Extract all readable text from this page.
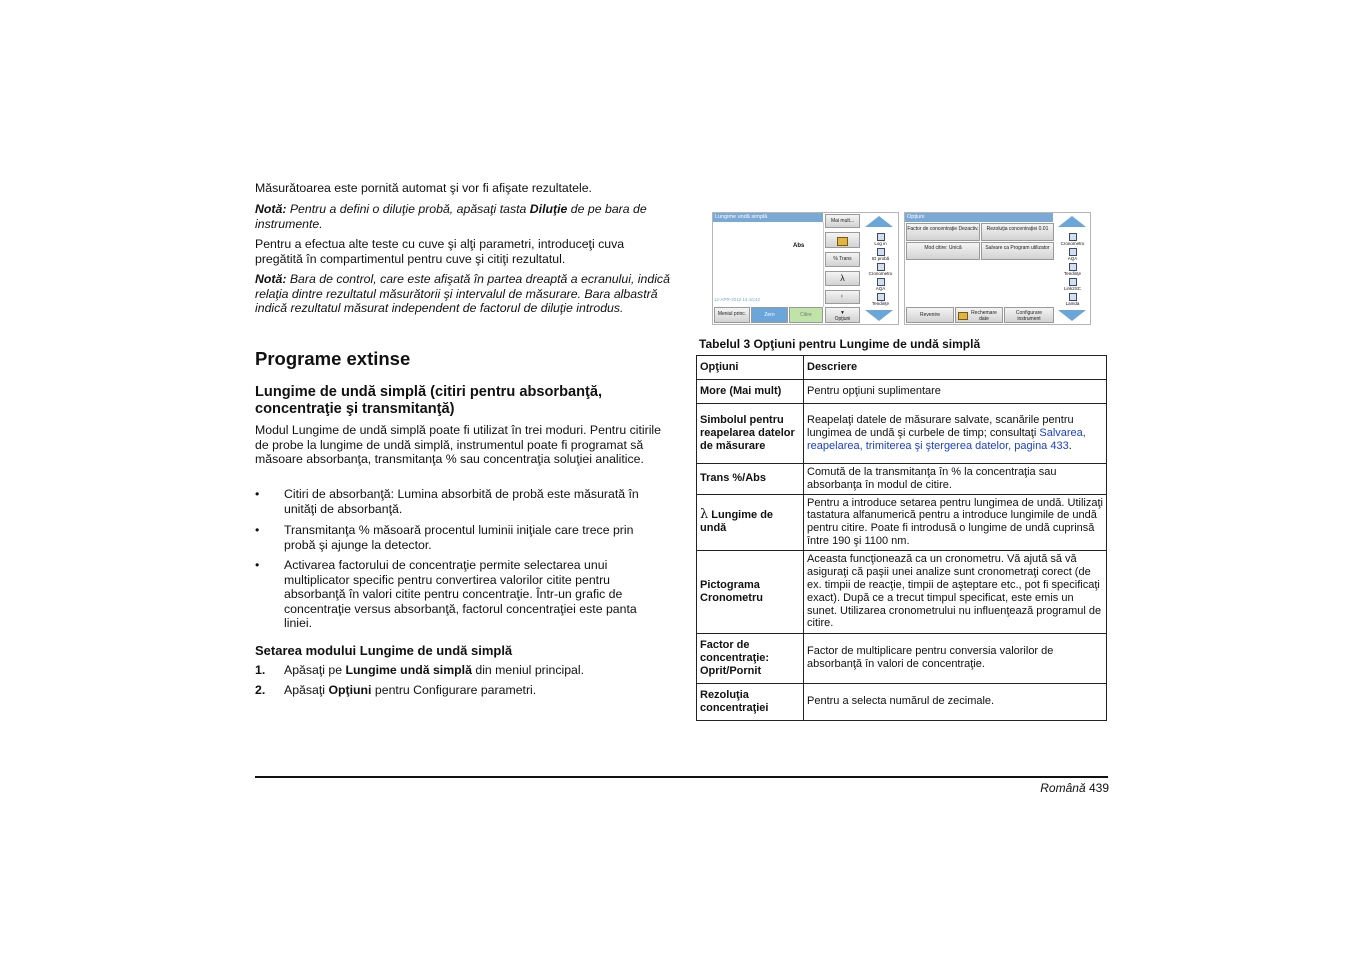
Măsurătoarea este pornită automat şi vor fi afişate rezultatele.

Notă: Pentru a defini o diluţie probă, apăsaţi tasta Diluţie de pe bara de instrumente.

Pentru a efectua alte teste cu cuve şi alţi parametri, introduceţi cuva pregătită în compartimentul pentru cuve şi citiţi rezultatul.

Notă: Bara de control, care este afişată în partea dreaptă a ecranului, indică relaţia dintre rezultatul măsurătorii şi intervalul de măsurare. Bara albastră indică rezultatul măsurat independent de factorul de diluţie introdus.

Programe extinse
Lungime de undă simplă (citiri pentru absorbanţă, concentraţie şi transmitanţă)

Modul Lungime de undă simplă poate fi utilizat în trei moduri. Pentru citirile de probe la lungime de undă simplă, instrumentul poate fi programat să măsoare absorbanţa, transmitanţa % sau concentraţia soluţiei analitice.

• Citiri de absorbanţă: Lumina absorbită de probă este măsurată în unităţi de absorbanţă.
• Transmitanţa % măsoară procentul luminii iniţiale care trece prin probă şi ajunge la detector.
• Activarea factorului de concentraţie permite selectarea unui multiplicator specific pentru convertirea valorilor citite pentru absorbanţă în valori citite pentru concentraţie. Într-un grafic de concentraţie versus absorbanţă, factorul concentraţiei este panta liniei.
Setarea modului Lungime de undă simplă
1. Apăsaţi pe Lungime undă simplă din meniul principal.
2. Apăsaţi Opţiuni pentru Configurare parametri.
Lungime undă simplă
Abs
12-APR-2012 14:10:42
Mai mult...
% Trans
λ
◐
▼
Opţiuni
Meniul princ.	Zero	Citire
Log in
ID probă
Cronometru
AQA
Tendinţe
Opţiuni
Factor de concentraţie Dezactiv.	Rezoluţia concentraţiei 0.01
Mod citire: Unică	Salvare ca Program utilizator
Revenire	Rechemare date
Configurare instrument
Cronometru
AQA
Tendinţe
Link2SC
Lamda
Tabelul 3 Opţiuni pentru Lungime de undă simplă
Opţiuni	Descriere
More (Mai mult)	Pentru opţiuni suplimentare
Simbolul pentru reapelarea datelor de măsurare	Reapelaţi datele de măsurare salvate, scanările pentru lungimea de undă şi curbele de timp; consultaţi Salvarea, reapelarea, trimiterea şi ştergerea datelor, pagina 433.
Trans %/Abs	Comută de la transmitanţa în % la concentraţia sau absorbanţa în modul de citire.
λ Lungime de undă	Pentru a introduce setarea pentru lungimea de undă. Utilizaţi tastatura alfanumerică pentru a introduce lungimile de undă pentru citire. Poate fi introdusă o lungime de undă cuprinsă între 190 şi 1100 nm.
Pictograma Cronometru	Aceasta funcţionează ca un cronometru. Vă ajută să vă asiguraţi că paşii unei analize sunt cronometraţi corect (de ex. timpii de reacţie, timpii de aşteptare etc., pot fi specificaţi exact). După ce a trecut timpul specificat, este emis un sunet. Utilizarea cronometrului nu influenţează programul de citire.
Factor de concentraţie: Oprit/Pornit	Factor de multiplicare pentru conversia valorilor de absorbanţă în valori de concentraţie.
Rezoluţia concentraţiei	Pentru a selecta numărul de zecimale.
Română 439
